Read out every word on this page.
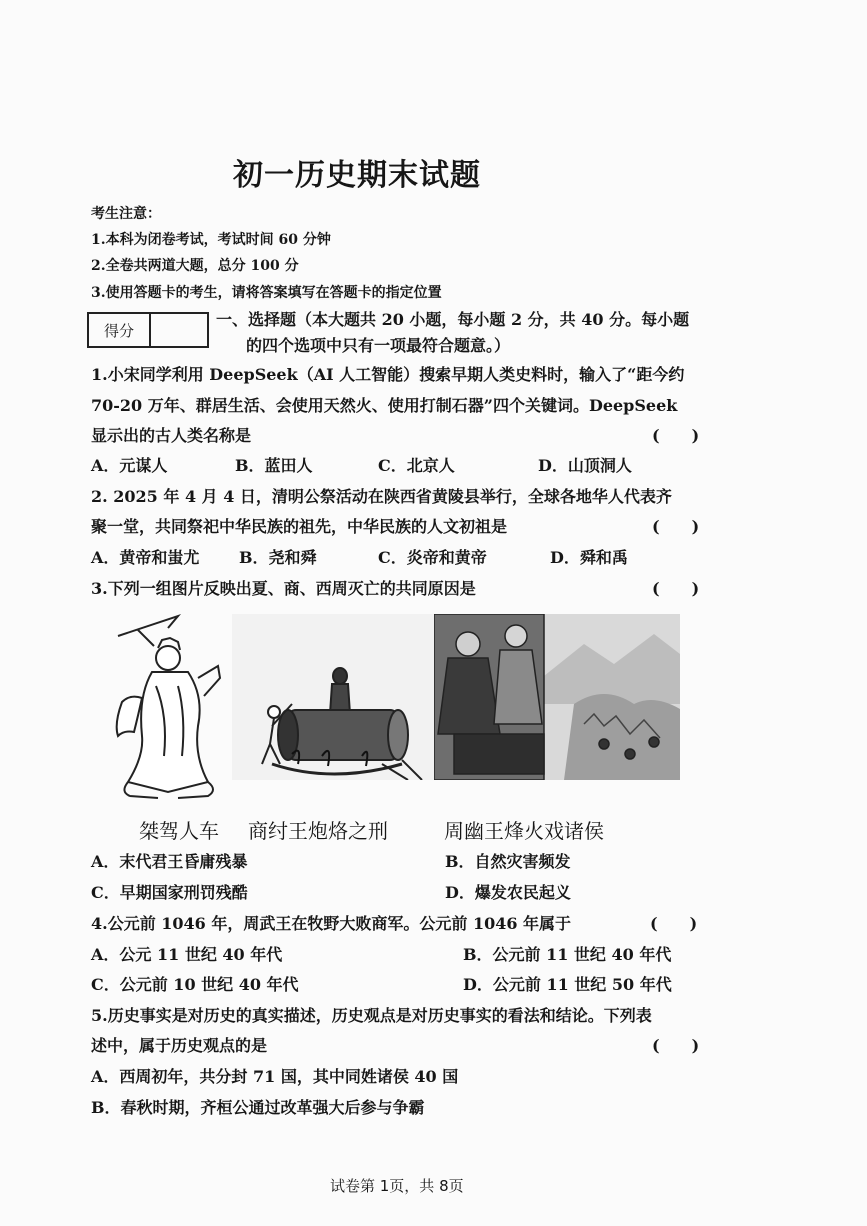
初一历史期末试题
考生注意：
1.本科为闭卷考试，考试时间 60 分钟
2.全卷共两道大题，总分 100 分
3.使用答题卡的考生，请将答案填写在答题卡的指定位置
得分
一、选择题（本大题共 20 小题，每小题 2 分，共 40 分。每小题
的四个选项中只有一项最符合题意。）
1.小宋同学利用 DeepSeek（AI 人工智能）搜索早期人类史料时，输入了“距今约
70-20 万年、群居生活、会使用天然火、使用打制石器”四个关键词。DeepSeek
显示出的古人类名称是	(　　)
A．元谋人	B．蓝田人	C．北京人	D．山顶洞人
2. 2025 年 4 月 4 日，清明公祭活动在陕西省黄陵县举行，全球各地华人代表齐
聚一堂，共同祭祀中华民族的祖先，中华民族的人文初祖是	(　　)
A．黄帝和蚩尤 B．尧和舜	C．炎帝和黄帝	D．舜和禹
3.下列一组图片反映出夏、商、西周灭亡的共同原因是	(　　)
桀驾人车 商纣王炮烙之刑	周幽王烽火戏诸侯
A．末代君王昏庸残暴	B．自然灾害频发
C．早期国家刑罚残酷	D．爆发农民起义
4.公元前 1046 年，周武王在牧野大败商军。公元前 1046 年属于	(　　)
A．公元 11 世纪 40 年代	B．公元前 11 世纪 40 年代
C．公元前 10 世纪 40 年代	D．公元前 11 世纪 50 年代
5.历史事实是对历史的真实描述，历史观点是对历史事实的看法和结论。下列表
述中，属于历史观点的是	(　　)
A．西周初年，共分封 71 国，其中同姓诸侯 40 国
B．春秋时期，齐桓公通过改革强大后参与争霸
试卷第 1页，共 8页
